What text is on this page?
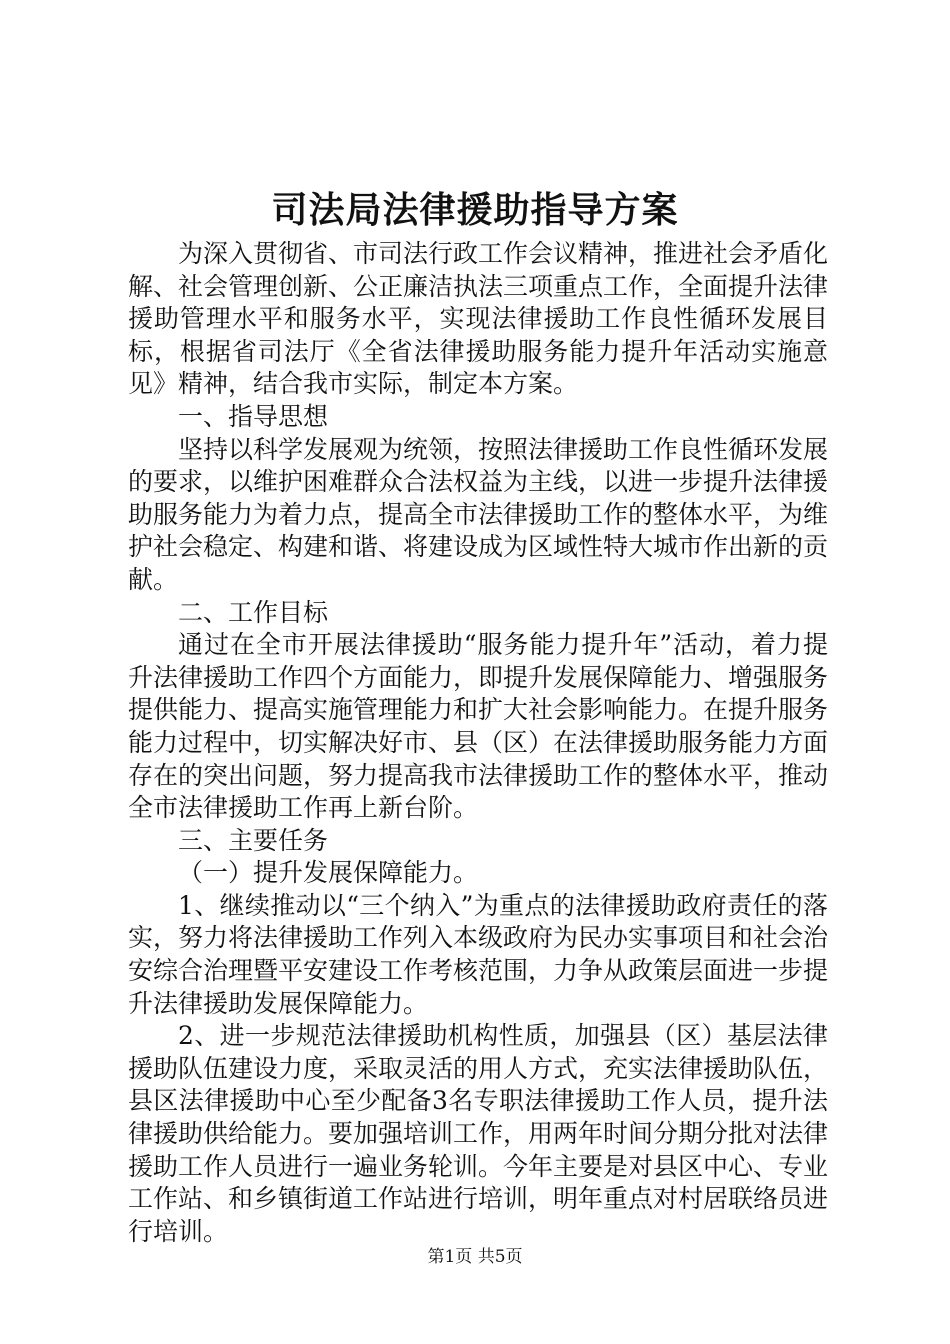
司法局法律援助指导方案

为深入贯彻省、市司法行政工作会议精神，推进社会矛盾化解、社会管理创新、公正廉洁执法三项重点工作，全面提升法律援助管理水平和服务水平，实现法律援助工作良性循环发展目标，根据省司法厅《全省法律援助服务能力提升年活动实施意见》精神，结合我市实际，制定本方案。

一、指导思想

坚持以科学发展观为统领，按照法律援助工作良性循环发展的要求，以维护困难群众合法权益为主线，以进一步提升法律援助服务能力为着力点，提高全市法律援助工作的整体水平，为维护社会稳定、构建和谐、将建设成为区域性特大城市作出新的贡献。

二、工作目标

通过在全市开展法律援助“服务能力提升年”活动，着力提升法律援助工作四个方面能力，即提升发展保障能力、增强服务提供能力、提高实施管理能力和扩大社会影响能力。在提升服务能力过程中，切实解决好市、县（区）在法律援助服务能力方面存在的突出问题，努力提高我市法律援助工作的整体水平，推动全市法律援助工作再上新台阶。

三、主要任务

（一）提升发展保障能力。

1、继续推动以“三个纳入”为重点的法律援助政府责任的落实，努力将法律援助工作列入本级政府为民办实事项目和社会治安综合治理暨平安建设工作考核范围，力争从政策层面进一步提升法律援助发展保障能力。

2、进一步规范法律援助机构性质，加强县（区）基层法律援助队伍建设力度，采取灵活的用人方式，充实法律援助队伍，县区法律援助中心至少配备3名专职法律援助工作人员，提升法律援助供给能力。要加强培训工作，用两年时间分期分批对法律援助工作人员进行一遍业务轮训。今年主要是对县区中心、专业工作站、和乡镇街道工作站进行培训，明年重点对村居联络员进行培训。

第1页 共5页
